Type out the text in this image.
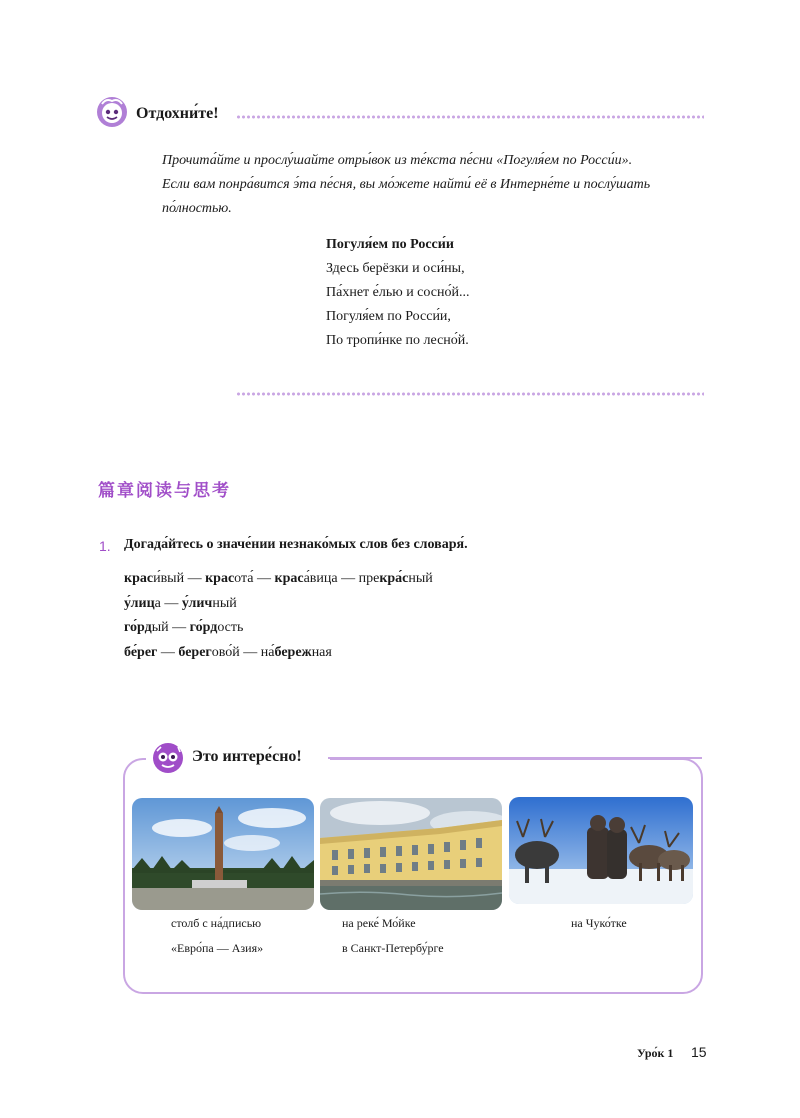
Отдохни́те!

Прочита́йте и прослу́шайте отры́вок из те́кста пе́сни «Погуля́ем по Росси́и».

Если вам понра́вится э́та пе́сня, вы мо́жете найти́ её в Интерне́те и послу́шать

по́лностью.

Погуля́ем по Росси́и
Здесь берёзки и оси́ны,
Па́хнет е́лью и сосно́й...
Погуля́ем по Росси́и,
По тропи́нке по лесно́й.
篇章阅读与思考
1. Догада́йтесь о значе́нии незнако́мых слов без словаря́.
краси́вый — красота́ — краса́вица — прекра́сный
у́лица — у́личный
го́рдый — го́рдость
бе́рег — берегово́й — на́бережная
Это интере́сно!
столб с на́дписью
«Евро́па — Азия»
на реке́ Мо́йке
в Санкт-Петербу́рге
на Чуко́тке
Уро́к 1 15
